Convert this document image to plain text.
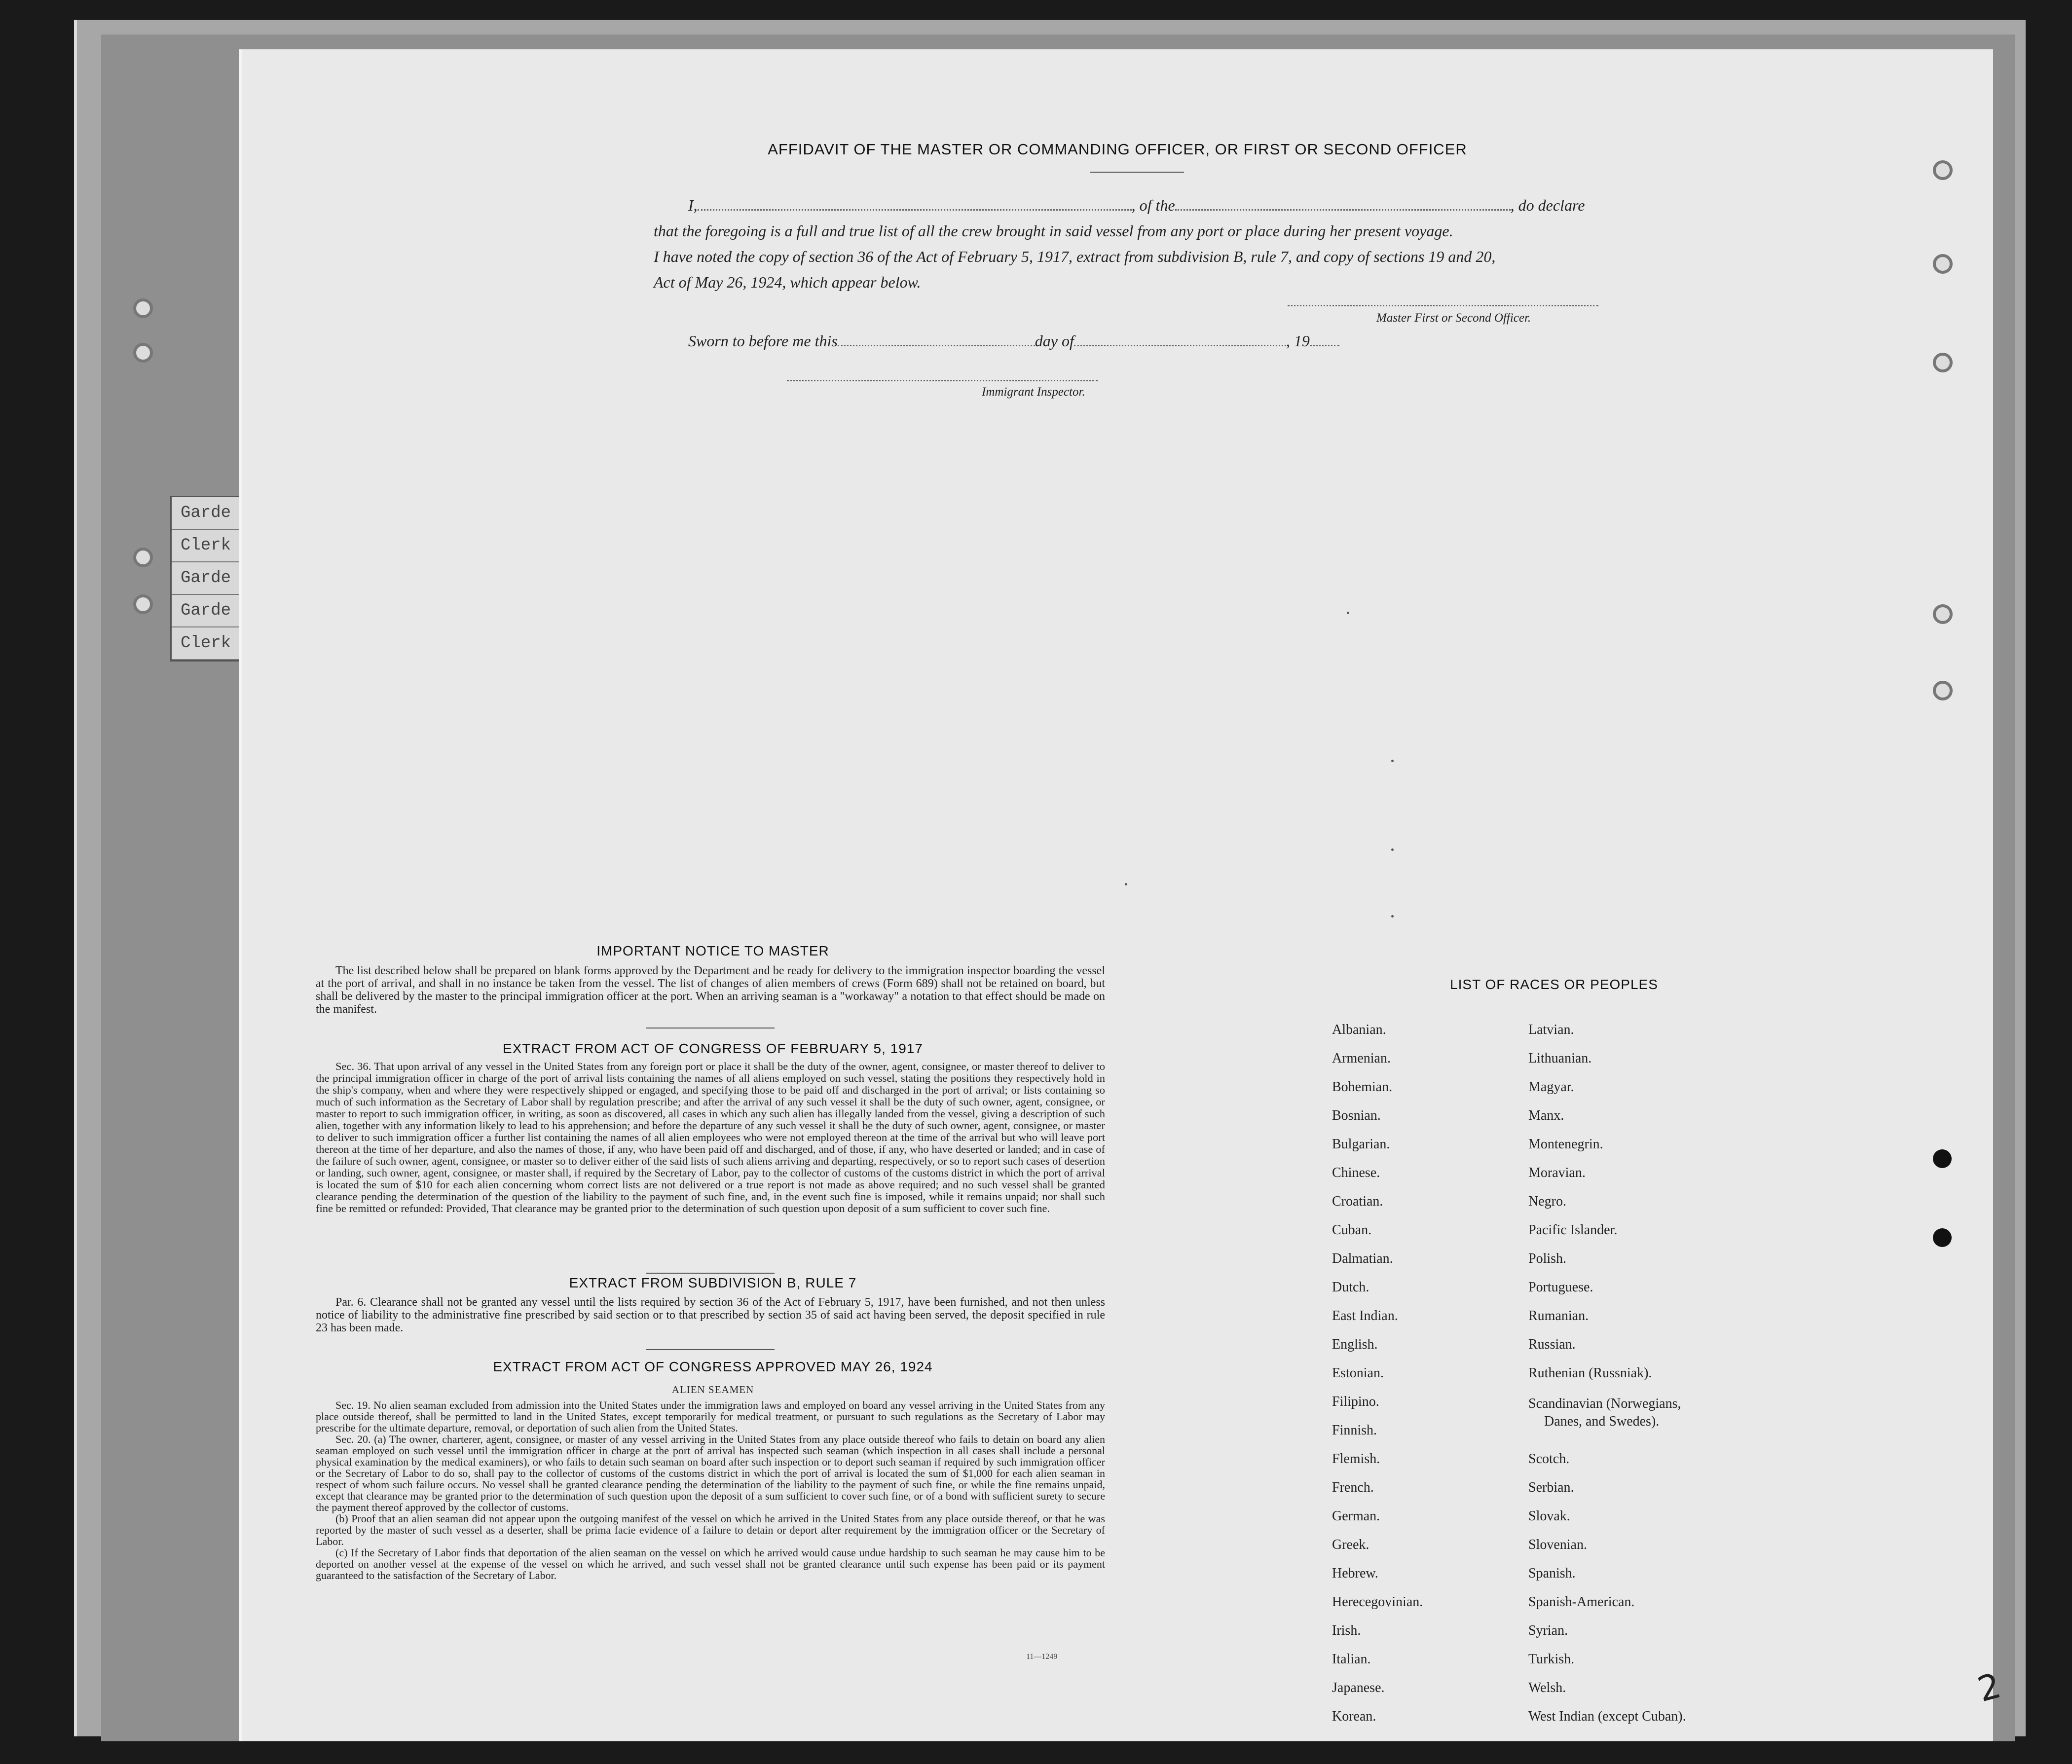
Garde
Clerk
Garde
Garde
Clerk
AFFIDAVIT OF THE MASTER OR COMMANDING OFFICER, OR FIRST OR SECOND OFFICER
I,	, of the	, do declare
that the foregoing is a full and true list of all the crew brought in said vessel from any port or place during her present voyage.
I have noted the copy of section 36 of the Act of February 5, 1917, extract from subdivision B, rule 7, and copy of sections 19 and 20,
Act of May 26, 1924, which appear below.
Master First or Second Officer.
Sworn to before me this	day of	, 19
Immigrant Inspector.
IMPORTANT NOTICE TO MASTER
The list described below shall be prepared on blank forms approved by the Department and be ready for delivery to the immigration inspector boarding the vessel at the port of arrival, and shall in no instance be taken from the vessel. The list of changes of alien members of crews (Form 689) shall not be retained on board, but shall be delivered by the master to the principal immigration officer at the port. When an arriving seaman is a "workaway" a notation to that effect should be made on the manifest.
EXTRACT FROM ACT OF CONGRESS OF FEBRUARY 5, 1917
Sec. 36. That upon arrival of any vessel in the United States from any foreign port or place it shall be the duty of the owner, agent, consignee, or master thereof to deliver to the principal immigration officer in charge of the port of arrival lists containing the names of all aliens employed on such vessel, stating the positions they respectively hold in the ship's company, when and where they were respectively shipped or engaged, and specifying those to be paid off and discharged in the port of arrival; or lists containing so much of such information as the Secretary of Labor shall by regulation prescribe; and after the arrival of any such vessel it shall be the duty of such owner, agent, consignee, or master to report to such immigration officer, in writing, as soon as discovered, all cases in which any such alien has illegally landed from the vessel, giving a description of such alien, together with any information likely to lead to his apprehension; and before the departure of any such vessel it shall be the duty of such owner, agent, consignee, or master to deliver to such immigration officer a further list containing the names of all alien employees who were not employed thereon at the time of the arrival but who will leave port thereon at the time of her departure, and also the names of those, if any, who have been paid off and discharged, and of those, if any, who have deserted or landed; and in case of the failure of such owner, agent, consignee, or master so to deliver either of the said lists of such aliens arriving and departing, respectively, or so to report such cases of desertion or landing, such owner, agent, consignee, or master shall, if required by the Secretary of Labor, pay to the collector of customs of the customs district in which the port of arrival is located the sum of $10 for each alien concerning whom correct lists are not delivered or a true report is not made as above required; and no such vessel shall be granted clearance pending the determination of the question of the liability to the payment of such fine, and, in the event such fine is imposed, while it remains unpaid; nor shall such fine be remitted or refunded: Provided, That clearance may be granted prior to the determination of such question upon deposit of a sum sufficient to cover such fine.
EXTRACT FROM SUBDIVISION B, RULE 7
Par. 6. Clearance shall not be granted any vessel until the lists required by section 36 of the Act of February 5, 1917, have been furnished, and not then unless notice of liability to the administrative fine prescribed by said section or to that prescribed by section 35 of said act having been served, the deposit specified in rule 23 has been made.
EXTRACT FROM ACT OF CONGRESS APPROVED MAY 26, 1924
ALIEN SEAMEN
Sec. 19. No alien seaman excluded from admission into the United States under the immigration laws and employed on board any vessel arriving in the United States from any place outside thereof, shall be permitted to land in the United States, except temporarily for medical treatment, or pursuant to such regulations as the Secretary of Labor may prescribe for the ultimate departure, removal, or deportation of such alien from the United States.
Sec. 20. (a) The owner, charterer, agent, consignee, or master of any vessel arriving in the United States from any place outside thereof who fails to detain on board any alien seaman employed on such vessel until the immigration officer in charge at the port of arrival has inspected such seaman (which inspection in all cases shall include a personal physical examination by the medical examiners), or who fails to detain such seaman on board after such inspection or to deport such seaman if required by such immigration officer or the Secretary of Labor to do so, shall pay to the collector of customs of the customs district in which the port of arrival is located the sum of $1,000 for each alien seaman in respect of whom such failure occurs. No vessel shall be granted clearance pending the determination of the liability to the payment of such fine, or while the fine remains unpaid, except that clearance may be granted prior to the determination of such question upon the deposit of a sum sufficient to cover such fine, or of a bond with sufficient surety to secure the payment thereof approved by the collector of customs.
(b) Proof that an alien seaman did not appear upon the outgoing manifest of the vessel on which he arrived in the United States from any place outside thereof, or that he was reported by the master of such vessel as a deserter, shall be prima facie evidence of a failure to detain or deport after requirement by the immigration officer or the Secretary of Labor.
(c) If the Secretary of Labor finds that deportation of the alien seaman on the vessel on which he arrived would cause undue hardship to such seaman he may cause him to be deported on another vessel at the expense of the vessel on which he arrived, and such vessel shall not be granted clearance until such expense has been paid or its payment guaranteed to the satisfaction of the Secretary of Labor.
11—1249
LIST OF RACES OR PEOPLES
Albanian.
Armenian.
Bohemian.
Bosnian.
Bulgarian.
Chinese.
Croatian.
Cuban.
Dalmatian.
Dutch.
East Indian.
English.
Estonian.
Filipino.
Finnish.
Flemish.
French.
German.
Greek.
Hebrew.
Herecegovinian.
Irish.
Italian.
Japanese.
Korean.
Latvian.
Lithuanian.
Magyar.
Manx.
Montenegrin.
Moravian.
Negro.
Pacific Islander.
Polish.
Portuguese.
Rumanian.
Russian.
Ruthenian (Russniak).
Scandinavian (Norwegians,
Danes, and Swedes).
Scotch.
Serbian.
Slovak.
Slovenian.
Spanish.
Spanish-American.
Syrian.
Turkish.
Welsh.
West Indian (except Cuban).
2
